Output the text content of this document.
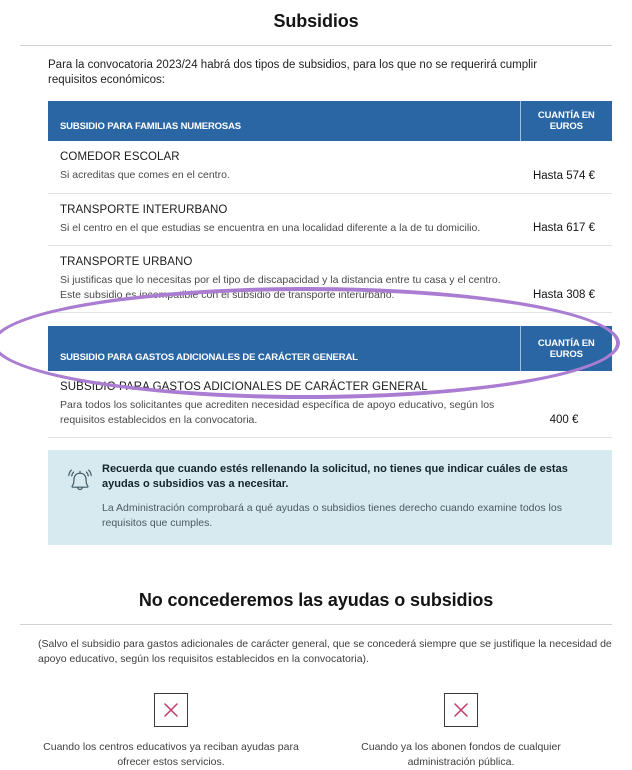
Subsidios

Para la convocatoria 2023/24 habrá dos tipos de subsidios, para los que no se requerirá cumplir requisitos económicos:

SUBSIDIO PARA FAMILIAS NUMEROSAS	CUANTÍA EN EUROS

COMEDOR ESCOLAR
Si acreditas que comes en el centro.	Hasta 574 €

TRANSPORTE INTERURBANO
Si el centro en el que estudias se encuentra en una localidad diferente a la de tu domicilio.	Hasta 617 €

TRANSPORTE URBANO
Si justificas que lo necesitas por el tipo de discapacidad y la distancia entre tu casa y el centro.
Este subsidio es incompatible con el subsidio de transporte interurbano.	Hasta 308 €
SUBSIDIO PARA GASTOS ADICIONALES DE CARÁCTER GENERAL	CUANTÍA EN
EUROS

SUBSIDIO PARA GASTOS ADICIONALES DE CARÁCTER GENERAL
Para todos los solicitantes que acrediten necesidad específica de apoyo educativo, según los
requisitos establecidos en la convocatoria.	400 €

Recuerda que cuando estés rellenando la solicitud, no tienes que indicar cuáles de estas ayudas o subsidios vas a necesitar.

La Administración comprobará a qué ayudas o subsidios tienes derecho cuando examine todos los requisitos que cumples.

No concederemos las ayudas o subsidios

(Salvo el subsidio para gastos adicionales de carácter general, que se concederá siempre que se justifique la necesidad de apoyo educativo, según los requisitos establecidos en la convocatoria).

Cuando los centros educativos ya reciban ayudas para
ofrecer estos servicios.
Cuando ya los abonen fondos de cualquier
administración pública.
